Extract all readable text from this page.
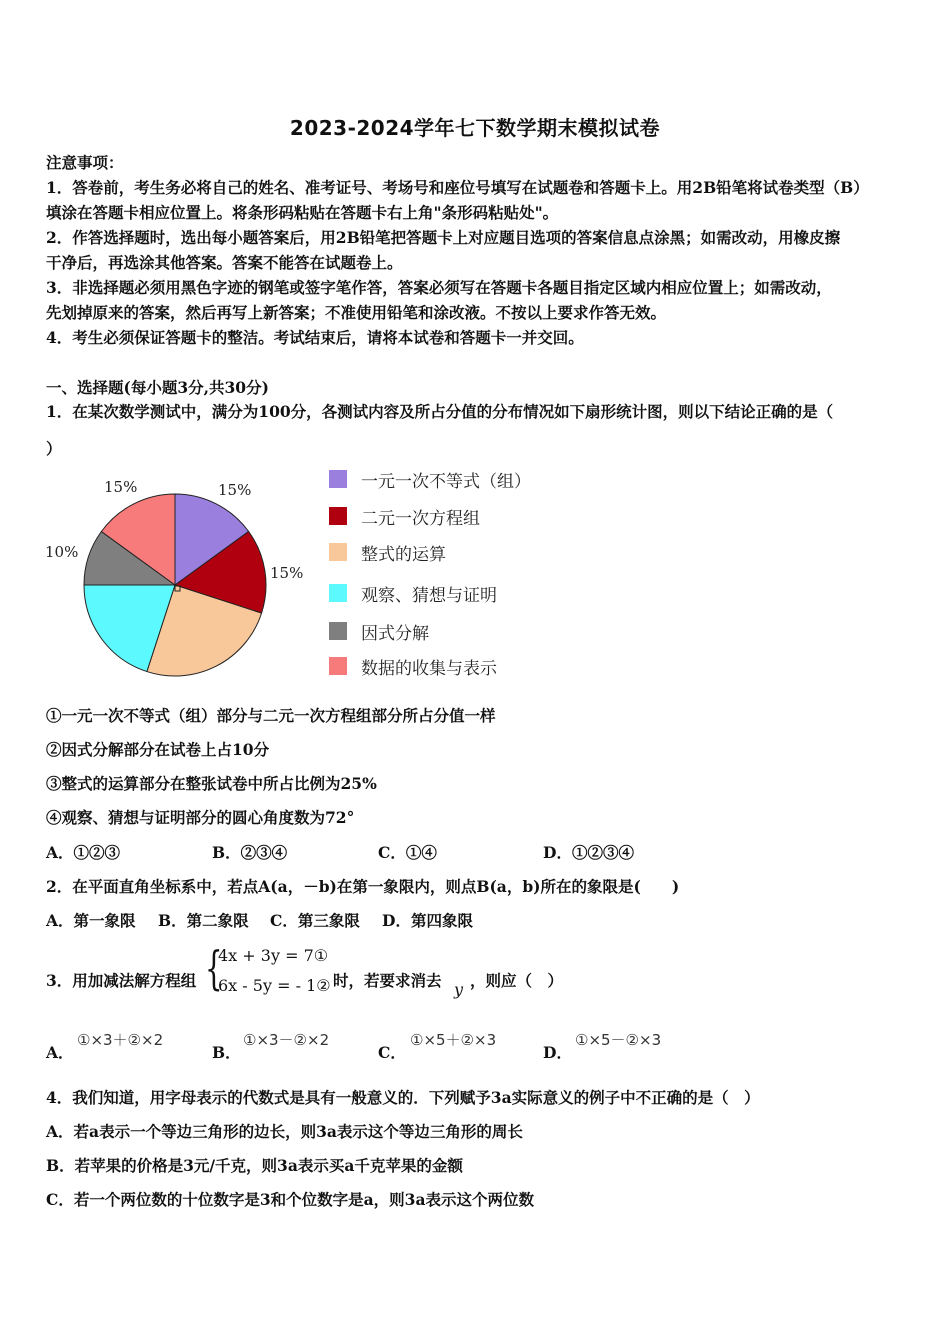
2023-2024学年七下数学期末模拟试卷
注意事项：
1．答卷前，考生务必将自己的姓名、准考证号、考场号和座位号填写在试题卷和答题卡上。用2B铅笔将试卷类型（B）
填涂在答题卡相应位置上。将条形码粘贴在答题卡右上角"条形码粘贴处"。
2．作答选择题时，选出每小题答案后，用2B铅笔把答题卡上对应题目选项的答案信息点涂黑；如需改动，用橡皮擦
干净后，再选涂其他答案。答案不能答在试题卷上。
3．非选择题必须用黑色字迹的钢笔或签字笔作答，答案必须写在答题卡各题目指定区域内相应位置上；如需改动，
先划掉原来的答案，然后再写上新答案；不准使用铅笔和涂改液。不按以上要求作答无效。
4．考生必须保证答题卡的整洁。考试结束后，请将本试卷和答题卡一并交回。
一、选择题(每小题3分,共30分)
1．在某次数学测试中，满分为100分，各测试内容及所占分值的分布情况如下扇形统计图，则以下结论正确的是（
）
15%	15%
15%
10%
一元一次不等式（组）
二元一次方程组
整式的运算
观察、猜想与证明
因式分解
数据的收集与表示
①一元一次不等式（组）部分与二元一次方程组部分所占分值一样
②因式分解部分在试卷上占10分
③整式的运算部分在整张试卷中所占比例为25%
④观察、猜想与证明部分的圆心角度数为72°
A．①②③	B．②③④	C．①④	D．①②③④
2．在平面直角坐标系中，若点A(a，－b)在第一象限内，则点B(a，b)所在的象限是(　　)
A．第一象限 B．第二象限 C．第三象限 D．第四象限
3．用加减法解方程组 {
4x + 3y = 7①
6x - 5y = - 1② 时，若要求消去 y ，则应（　）
A．
①×3＋②×2
B．
①×3－②×2
C．
①×5＋②×3
D．
①×5－②×3
4．我们知道，用字母表示的代数式是具有一般意义的．下列赋予3a实际意义的例子中不正确的是（　）
A．若a表示一个等边三角形的边长，则3a表示这个等边三角形的周长
B．若苹果的价格是3元/千克，则3a表示买a千克苹果的金额
C．若一个两位数的十位数字是3和个位数字是a，则3a表示这个两位数
